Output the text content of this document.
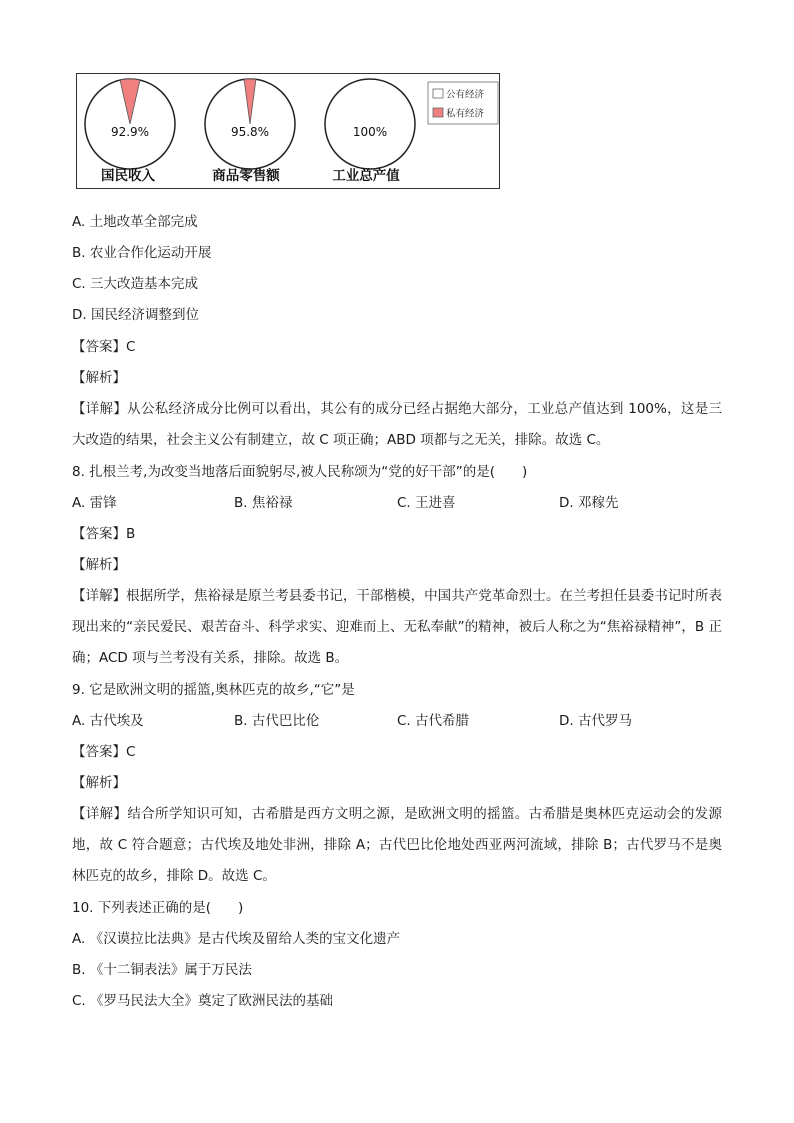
92.9%
国民收入
95.8%
商品零售额
100%
工业总产值
公有经济
私有经济
A. 土地改革全部完成
B. 农业合作化运动开展
C. 三大改造基本完成
D. 国民经济调整到位
【答案】C
【解析】
【详解】从公私经济成分比例可以看出，其公有的成分已经占据绝大部分，工业总产值达到 100%，这是三大改造的结果，社会主义公有制建立，故 C 项正确；ABD 项都与之无关，排除。故选 C。
8. 扎根兰考,为改变当地落后面貌躬尽,被人民称颂为“党的好干部”的是(　　)
A. 雷锋	B. 焦裕禄	C. 王进喜	D. 邓稼先
【答案】B
【解析】
【详解】根据所学，焦裕禄是原兰考县委书记，干部楷模，中国共产党革命烈士。在兰考担任县委书记时所表现出来的“亲民爱民、艰苦奋斗、科学求实、迎难而上、无私奉献”的精神，被后人称之为“焦裕禄精神”，B 正确；ACD 项与兰考没有关系，排除。故选 B。
9. 它是欧洲文明的摇篮,奥林匹克的故乡,“它”是
A. 古代埃及	B. 古代巴比伦	C. 古代希腊	D. 古代罗马
【答案】C
【解析】
【详解】结合所学知识可知，古希腊是西方文明之源，是欧洲文明的摇篮。古希腊是奥林匹克运动会的发源地，故 C 符合题意；古代埃及地处非洲，排除 A；古代巴比伦地处西亚两河流域，排除 B；古代罗马不是奥林匹克的故乡，排除 D。故选 C。
10. 下列表述正确的是(　　)
A. 《汉谟拉比法典》是古代埃及留给人类的宝文化遗产
B. 《十二铜表法》属于万民法
C. 《罗马民法大全》奠定了欧洲民法的基础
